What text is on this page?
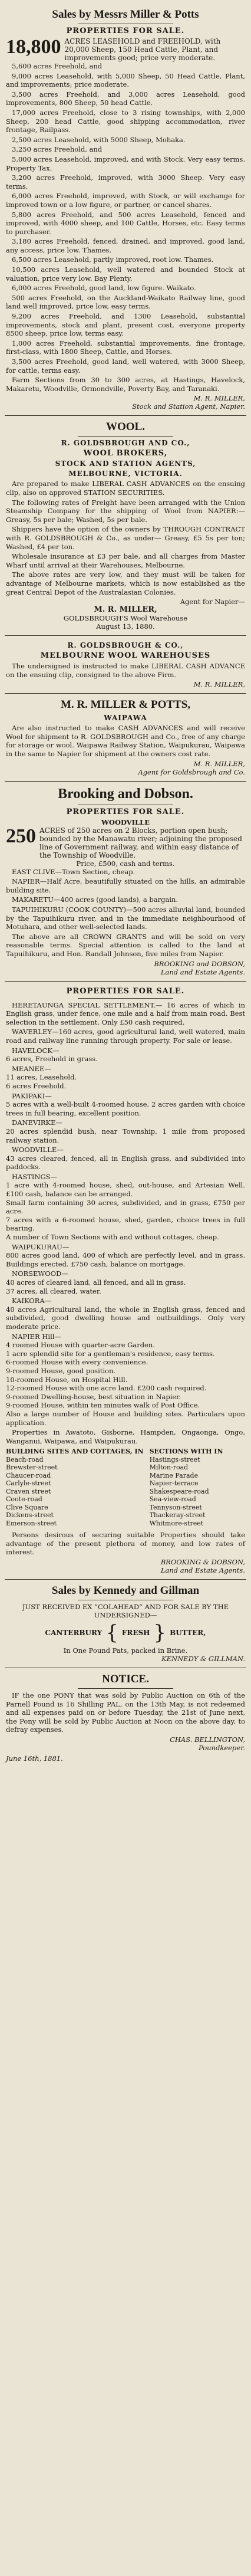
Sales by Messrs Miller & Potts
PROPERTIES FOR SALE.
18,800 ACRES LEASEHOLD and FREEHOLD, with 20,000 Sheep, 150 Head Cattle, Plant, and improvements good; price very moderate.

5,600 acres Freehold, and

9,000 acres Leasehold, with 5,000 Sheep, 50 Head Cattle, Plant, and improvements; price moderate.

3,500 acres Freehold, and 3,000 acres Leasehold, good improvements, 800 Sheep, 50 head Cattle.

17,000 acres Freehold, close to 3 rising townships, with 2,000 Sheep, 200 head Cattle, good shipping accommodation, river frontage, Railpass.

2,500 acres Leasehold, with 5000 Sheep, Mohaka.

3,250 acres Freehold, and

5,000 acres Leasehold, improved, and with Stock. Very easy terms. Property Tax.

3,200 acres Freehold, improved, with 3000 Sheep. Very easy terms.

6,000 acres Freehold, improved, with Stock, or will exchange for improved town or a low figure, or partner, or cancel shares.

5,800 acres Freehold, and 500 acres Leasehold, fenced and improved, with 4000 sheep, and 100 Cattle, Horses, etc. Easy terms to purchaser.

3,180 acres Freehold, fenced, drained, and improved, good land, any access, price low. Thames.

6,500 acres Leasehold, partly improved, root low. Thames.

10,500 acres Leasehold, well watered and bounded Stock at valuation, price very low. Bay Plenty.

6,000 acres Freehold, good land, low figure. Waikato.

500 acres Freehold, on the Auckland-Waikato Railway line, good land well improved, price low, easy terms.

9,200 acres Freehold, and 1300 Leasehold, substantial improvements, stock and plant, present cost, everyone property 8500 sheep, price low, terms easy.

1,000 acres Freehold, substantial improvements, fine frontage, first-class, with 1800 Sheep, Cattle, and Horses.

3,500 acres Freehold, good land, well watered, with 3000 Sheep, for cattle, terms easy.

Farm Sections from 30 to 300 acres, at Hastings, Havelock, Makaretu, Woodville, Ormondville, Poverty Bay, and Taranaki.

M. R. MILLER,
Stock and Station Agent, Napier.
WOOL.
R. GOLDSBROUGH AND CO.,
WOOL BROKERS,
STOCK AND STATION AGENTS,
MELBOURNE, VICTORIA.

Are prepared to make LIBERAL CASH ADVANCES on the ensuing clip, also on approved STATION SECURITIES.

The following rates of Freight have been arranged with the Union Steamship Company for the shipping of Wool from NAPIER:— Greasy, 5s per bale; Washed, 5s per bale.

Shippers have the option of the owners by THROUGH CONTRACT with R. GOLDSBROUGH & Co., as under— Greasy, £5 5s per ton; Washed, £4 per ton.

Wholesale insurance at £3 per bale, and all charges from Master Wharf until arrival at their Warehouses, Melbourne.

The above rates are very low, and they must will be taken for advantage of Melbourne markets, which is now established as the great Central Depot of the Australasian Colonies.

Agent for Napier—
M. R. MILLER,
GOLDSBROUGH'S Wool Warehouse
August 13, 1880.
R. GOLDSBROUGH & CO.,
MELBOURNE WOOL WAREHOUSES

The undersigned is instructed to make LIBERAL CASH ADVANCE on the ensuing clip, consigned to the above Firm.

M. R. MILLER,
M. R. MILLER & POTTS,
WAIPAWA

Are also instructed to make CASH ADVANCES and will receive Wool for shipment to R. GOLDSBROUGH and Co., free of any charge for storage or wool. Waipawa Railway Station, Waipukurau, Waipawa in the same to Napier for shipment at the owners cost rate.

M. R. MILLER,
Agent for Goldsbrough and Co.
Brooking and Dobson.
PROPERTIES FOR SALE.
WOODVILLE
250 ACRES of 250 acres on 2 Blocks, portion open bush; bounded by the Manawatu river; adjoining the proposed line of Government railway, and within easy distance of the Township of Woodville.
Price, £500, cash and terms.

EAST CLIVE—Town Section, cheap.

NAPIER—Half Acre, beautifully situated on the hills, an admirable building site.

MAKARETU—400 acres (good lands), a bargain.

TAPUIHIKURU (COOK COUNTY)—500 acres alluvial land, bounded by the Tapuihikuru river, and in the immediate neighbourhood of Motuhara, and other well-selected lands.

The above are all CROWN GRANTS and will be sold on very reasonable terms. Special attention is called to the land at Tapuihikuru, and Hon. Randall Johnson, five miles from Napier.

BROOKING and DOBSON,
Land and Estate Agents.
PROPERTIES FOR SALE.

HERETAUNGA SPECIAL SETTLEMENT.— 16 acres of which in English grass, under fence, one mile and a half from main road. Best selection in the settlement. Only £50 cash required.

WAVERLEY—160 acres, good agricultural land, well watered, main road and railway line running through property. For sale or lease.

HAVELOCK—
6 acres, Freehold in grass.

MEANEE—
11 acres, Leasehold.
6 acres Freehold.

PAKIPAKI—
5 acres with a well-built 4-roomed house, 2 acres garden with choice trees in full bearing, excellent position.

DANEVIRKE—
20 acres splendid bush, near Township, 1 mile from proposed railway station.

WOODVILLE—
43 acres cleared, fenced, all in English grass, and subdivided into paddocks.

HASTINGS—
1 acre with 4-roomed house, shed, out-house, and Artesian Well. £100 cash, balance can be arranged.
Small farm containing 30 acres, subdivided, and in grass, £750 per acre.
7 acres with a 6-roomed house, shed, garden, choice trees in full bearing.
A number of Town Sections with and without cottages, cheap.

WAIPUKURAU—
800 acres good land, 400 of which are perfectly level, and in grass. Buildings erected. £750 cash, balance on mortgage.

NORSEWOOD—
40 acres of cleared land, all fenced, and all in grass.
37 acres, all cleared, water.

KAIKORA—
40 acres Agricultural land, the whole in English grass, fenced and subdivided, good dwelling house and outbuildings. Only very moderate price.

NAPIER Hill—
4 roomed House with quarter-acre Garden.
1 acre splendid site for a gentleman's residence, easy terms.
6-roomed House with every convenience.
9-roomed House, good position.
10-roomed House, on Hospital Hill.
12-roomed House with one acre land. £200 cash required.
9-roomed Dwelling-house, best situation in Napier.
9-roomed House, within ten minutes walk of Post Office.
Also a large number of House and building sites. Particulars upon application.

Properties in Awatoto, Gisborne, Hampden, Ongaonga, Ongo, Wanganui, Waipawa, and Waipukurau.

BUILDING SITES AND COTTAGES, IN
Beach-road
Brewster-street
Chaucer-road
Carlyle-street
Craven street
Coote-road
Clive Square
Dickens-street
Emerson-street
SECTIONS WITH IN
Hastings-street
Milton-road
Marine Parade
Napier-terrace
Shakespeare-road
Sea-view-road
Tennyson-street
Thackeray-street
Whitmore-street

Persons desirous of securing suitable Properties should take advantage of the present plethora of money, and low rates of interest.

BROOKING & DOBSON,
Land and Estate Agents.
Sales by Kennedy and Gillman
JUST RECEIVED EX “COLAHEAD” AND FOR SALE BY THE UNDERSIGNED—
CANTERBURY { FRESH } BUTTER,
In One Pound Pats, packed in Brine.
KENNEDY & GILLMAN.
NOTICE.

IF the one PONY that was sold by Public Auction on 6th of the Parnell Pound is 16 Shilling PAL, on the 13th May, is not redeemed and all expenses paid on or before Tuesday, the 21st of June next, the Pony will be sold by Public Auction at Noon on the above day, to defray expenses.

CHAS. BELLINGTON,
Poundkeeper.
June 16th, 1881.
